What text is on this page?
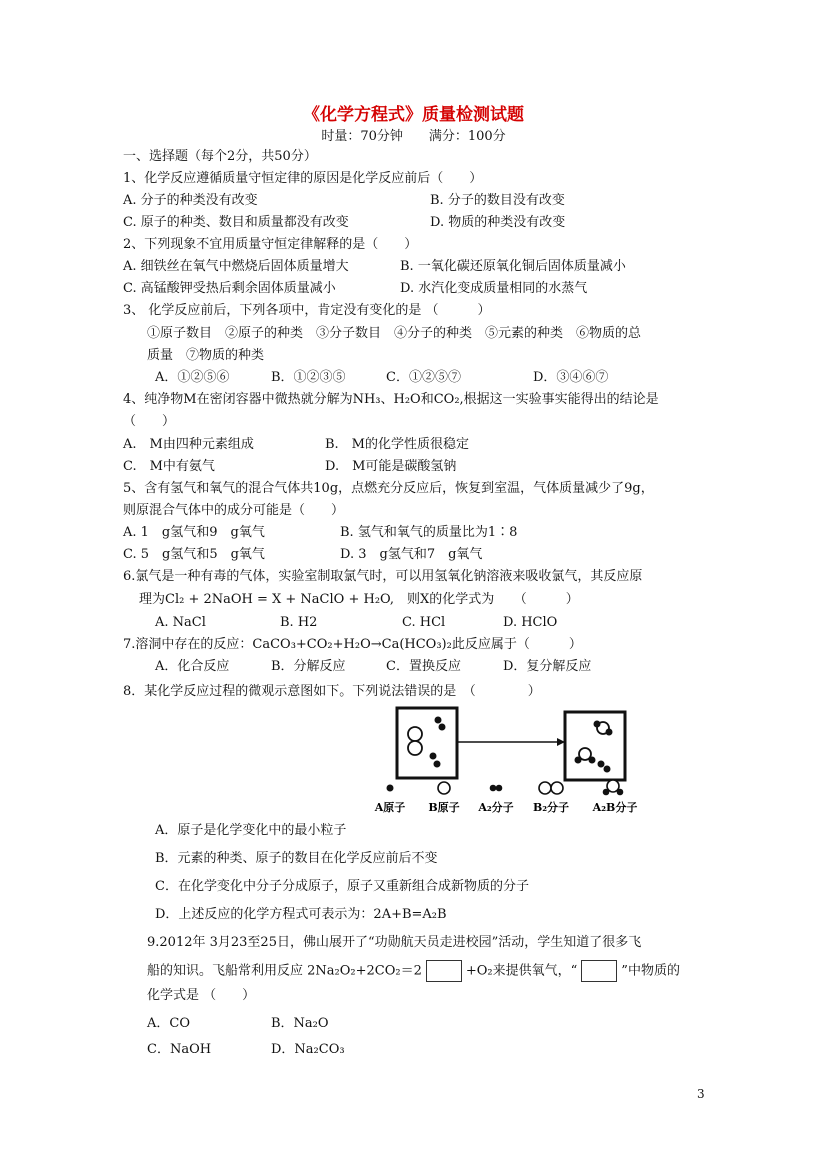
《化学方程式》质量检测试题
时量：70分钟　　满分：100分
一、选择题（每个2分，共50分）
1、化学反应遵循质量守恒定律的原因是化学反应前后（　　）
A. 分子的种类没有改变	B. 分子的数目没有改变
C. 原子的种类、数目和质量都没有改变	D. 物质的种类没有改变
2、下列现象不宜用质量守恒定律解释的是（　　）
A. 细铁丝在氧气中燃烧后固体质量增大	B. 一氧化碳还原氧化铜后固体质量减小
C. 高锰酸钾受热后剩余固体质量减小	D. 水汽化变成质量相同的水蒸气
3、 化学反应前后，下列各项中，肯定没有变化的是 （　　　）
①原子数目　②原子的种类　③分子数目　④分子的种类　⑤元素的种类　⑥物质的总
质量　⑦物质的种类
A．①②⑤⑥	B．①②③⑤	C．①②⑤⑦	D．③④⑥⑦
4、纯净物M在密闭容器中微热就分解为NH₃、H₂O和CO₂,根据这一实验事实能得出的结论是
（　　）
A.　M由四种元素组成	B.　M的化学性质很稳定
C.　M中有氨气	D.　M可能是碳酸氢钠
5、含有氢气和氧气的混合气体共10g，点燃充分反应后，恢复到室温，气体质量减少了9g，
则原混合气体中的成分可能是（　　）
A. 1　g氢气和9　g氧气	B. 氢气和氧气的质量比为1∶8
C. 5　g氢气和5　g氧气	D. 3　g氢气和7　g氧气
6.氯气是一种有毒的气体，实验室制取氯气时，可以用氢氧化钠溶液来吸收氯气，其反应原
理为Cl₂ + 2NaOH = X + NaClO + H₂O,　则X的化学式为　　（　　　）
A. NaCl	B. H2	C. HCl	D. HClO
7.溶洞中存在的反应：CaCO₃+CO₂+H₂O→Ca(HCO₃)₂此反应属于（　　　）
A．化合反应	B．分解反应	C．置换反应	D．复分解反应
8．某化学反应过程的微观示意图如下。下列说法错误的是　（　　　　）
A原子 B原子 A₂分子 B₂分子 A₂B分子
A．原子是化学变化中的最小粒子
B．元素的种类、原子的数目在化学反应前后不变
C．在化学变化中分子分成原子，原子又重新组合成新物质的分子
D．上述反应的化学方程式可表示为：2A+B=A₂B
9.2012年 3月23至25日，佛山展开了“功勋航天员走进校园”活动，学生知道了很多飞
船的知识。飞船常利用反应 2Na₂O₂+2CO₂＝2	+O₂来提供氧气，“	”中物质的
化学式是 （　　）
A．CO	B．Na₂O
C．NaOH	D．Na₂CO₃
3
